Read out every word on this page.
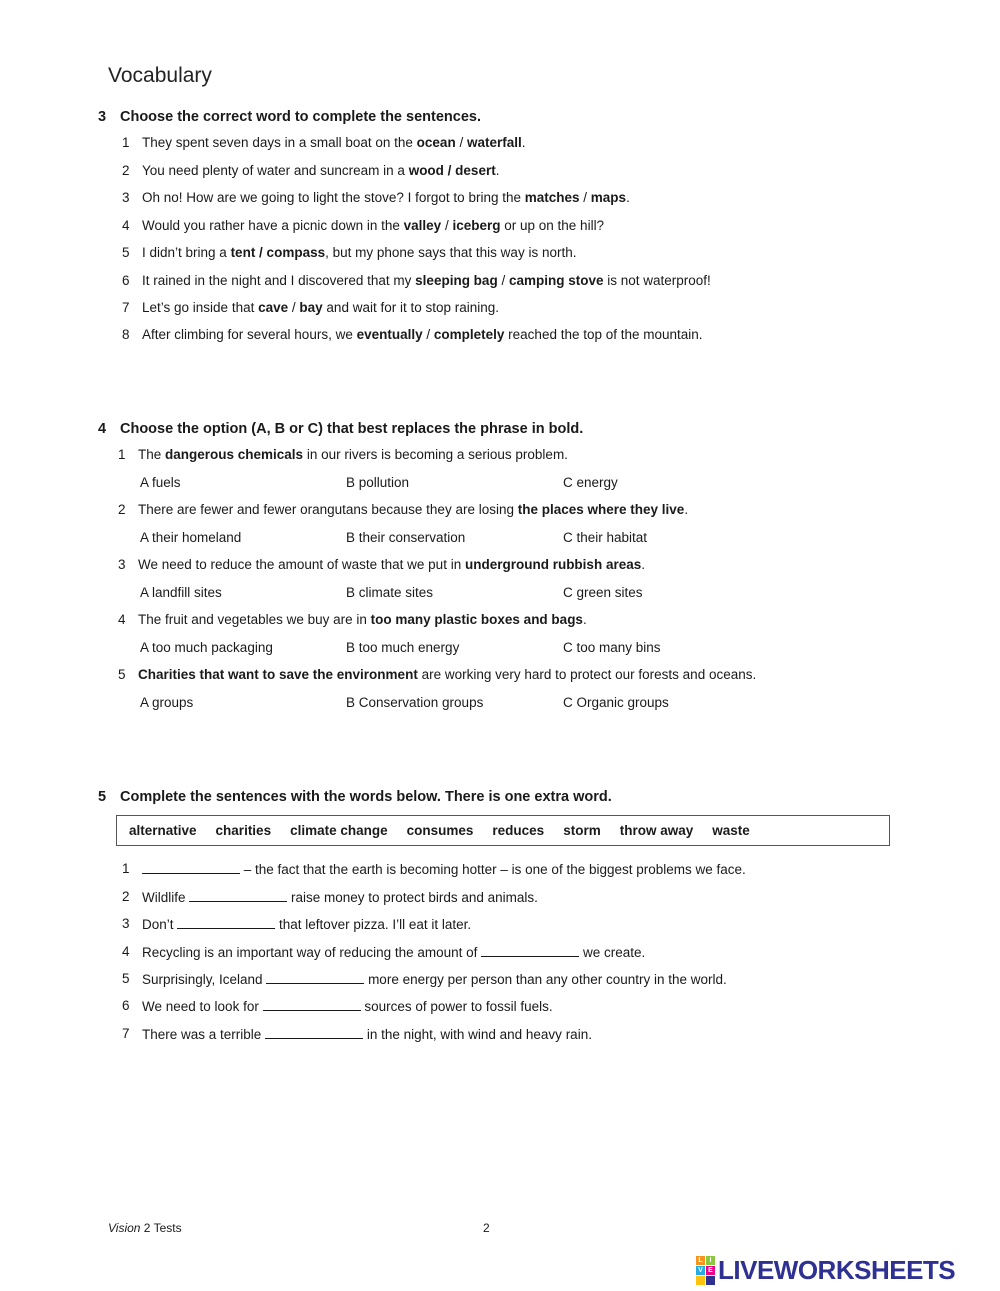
Vocabulary
3 Choose the correct word to complete the sentences.
1 They spent seven days in a small boat on the ocean / waterfall.
2 You need plenty of water and suncream in a wood / desert.
3 Oh no! How are we going to light the stove? I forgot to bring the matches / maps.
4 Would you rather have a picnic down in the valley / iceberg or up on the hill?
5 I didn’t bring a tent / compass, but my phone says that this way is north.
6 It rained in the night and I discovered that my sleeping bag / camping stove is not waterproof!
7 Let’s go inside that cave / bay and wait for it to stop raining.
8 After climbing for several hours, we eventually / completely reached the top of the mountain.
4 Choose the option (A, B or C) that best replaces the phrase in bold.
1 The dangerous chemicals in our rivers is becoming a serious problem.
A fuels	B pollution	C energy
2 There are fewer and fewer orangutans because they are losing the places where they live.
A their homeland	B their conservation	C their habitat
3 We need to reduce the amount of waste that we put in underground rubbish areas.
A landfill sites	B climate sites	C green sites
4 The fruit and vegetables we buy are in too many plastic boxes and bags.
A too much packaging	B too much energy	C too many bins
5 Charities that want to save the environment are working very hard to protect our forests and oceans.
A groups	B Conservation groups	C Organic groups
5 Complete the sentences with the words below. There is one extra word.
alternative charities climate change consumes reduces storm throw away waste
1	– the fact that the earth is becoming hotter – is one of the biggest problems we face.
2 Wildlife	raise money to protect birds and animals.
3 Don’t	that leftover pizza. I’ll eat it later.
4 Recycling is an important way of reducing the amount of	we create.
5 Surprisingly, Iceland	more energy per person than any other country in the world.
6 We need to look for	sources of power to fossil fuels.
7 There was a terrible	in the night, with wind and heavy rain.
Vision 2 Tests	2
L I
V E LIVEWORKSHEETS
